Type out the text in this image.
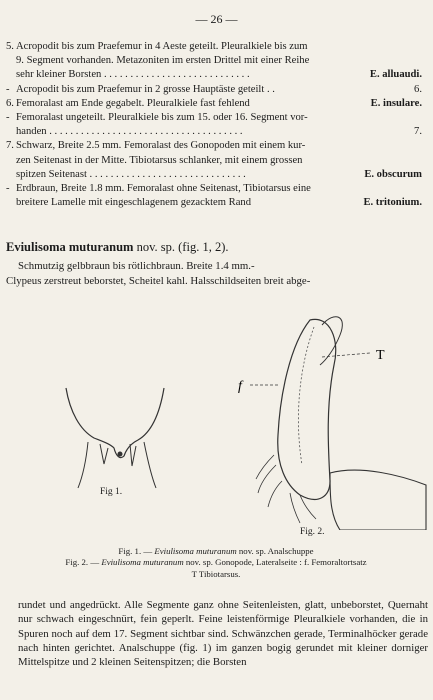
— 26 —
5. Acropodit bis zum Praefemur in 4 Aeste geteilt. Pleuralkiele bis zum
9. Segment vorhanden. Metazoniten im ersten Drittel mit einer Reihe
E. alluaudi.
sehr kleiner Borsten . . . . . . . . . . . . . . . . . . . . . . . . . . . .
-	6.
Acropodit bis zum Praefemur in 2 grosse Hauptäste geteilt . .
6.	E. insulare.
Femoralast am Ende gegabelt. Pleuralkiele fast fehlend
- Femoralast ungeteilt. Pleuralkiele bis zum 15. oder 16. Segment vor-
7.
handen . . . . . . . . . . . . . . . . . . . . . . . . . . . . . . . . . . . . .
7. Schwarz, Breite 2.5 mm. Femoralast des Gonopoden mit einem kur-
zen Seitenast in der Mitte. Tibiotarsus schlanker, mit einem grossen
E. obscurum
spitzen Seitenast . . . . . . . . . . . . . . . . . . . . . . . . . . . . . .
- Erdbraun, Breite 1.8 mm. Femoralast ohne Seitenast, Tibiotarsus eine
E. tritonium.
breitere Lamelle mit eingeschlagenem gezacktem Rand
Eviulisoma muturanum nov. sp. (fig. 1, 2).
Schmutzig gelbbraun bis rötlichbraun. Breite 1.4 mm.-
Clypeus zerstreut beborstet, Scheitel kahl. Halsschildseiten breit abge-
Fig 1.
T
f
Fig. 2.
Fig. 1. — Eviulisoma muturanum nov. sp. Analschuppe
Fig. 2. — Eviulisoma muturanum nov. sp. Gonopode, Lateralseite : f. Femoraltortsatz
T Tibiotarsus.
rundet und angedrückt. Alle Segmente ganz ohne Seitenleisten, glatt, unbeborstet, Quernaht nur schwach eingeschnürt, fein geperlt. Feine leistenförmige Pleuralkiele vorhanden, die in Spuren noch auf dem 17. Segment sichtbar sind. Schwänzchen gerade, Terminalhöcker gerade nach hinten gerichtet. Analschuppe (fig. 1) im ganzen bogig gerundet mit kleiner dorniger Mittelspitze und 2 kleinen Seitenspitzen; die Borsten
